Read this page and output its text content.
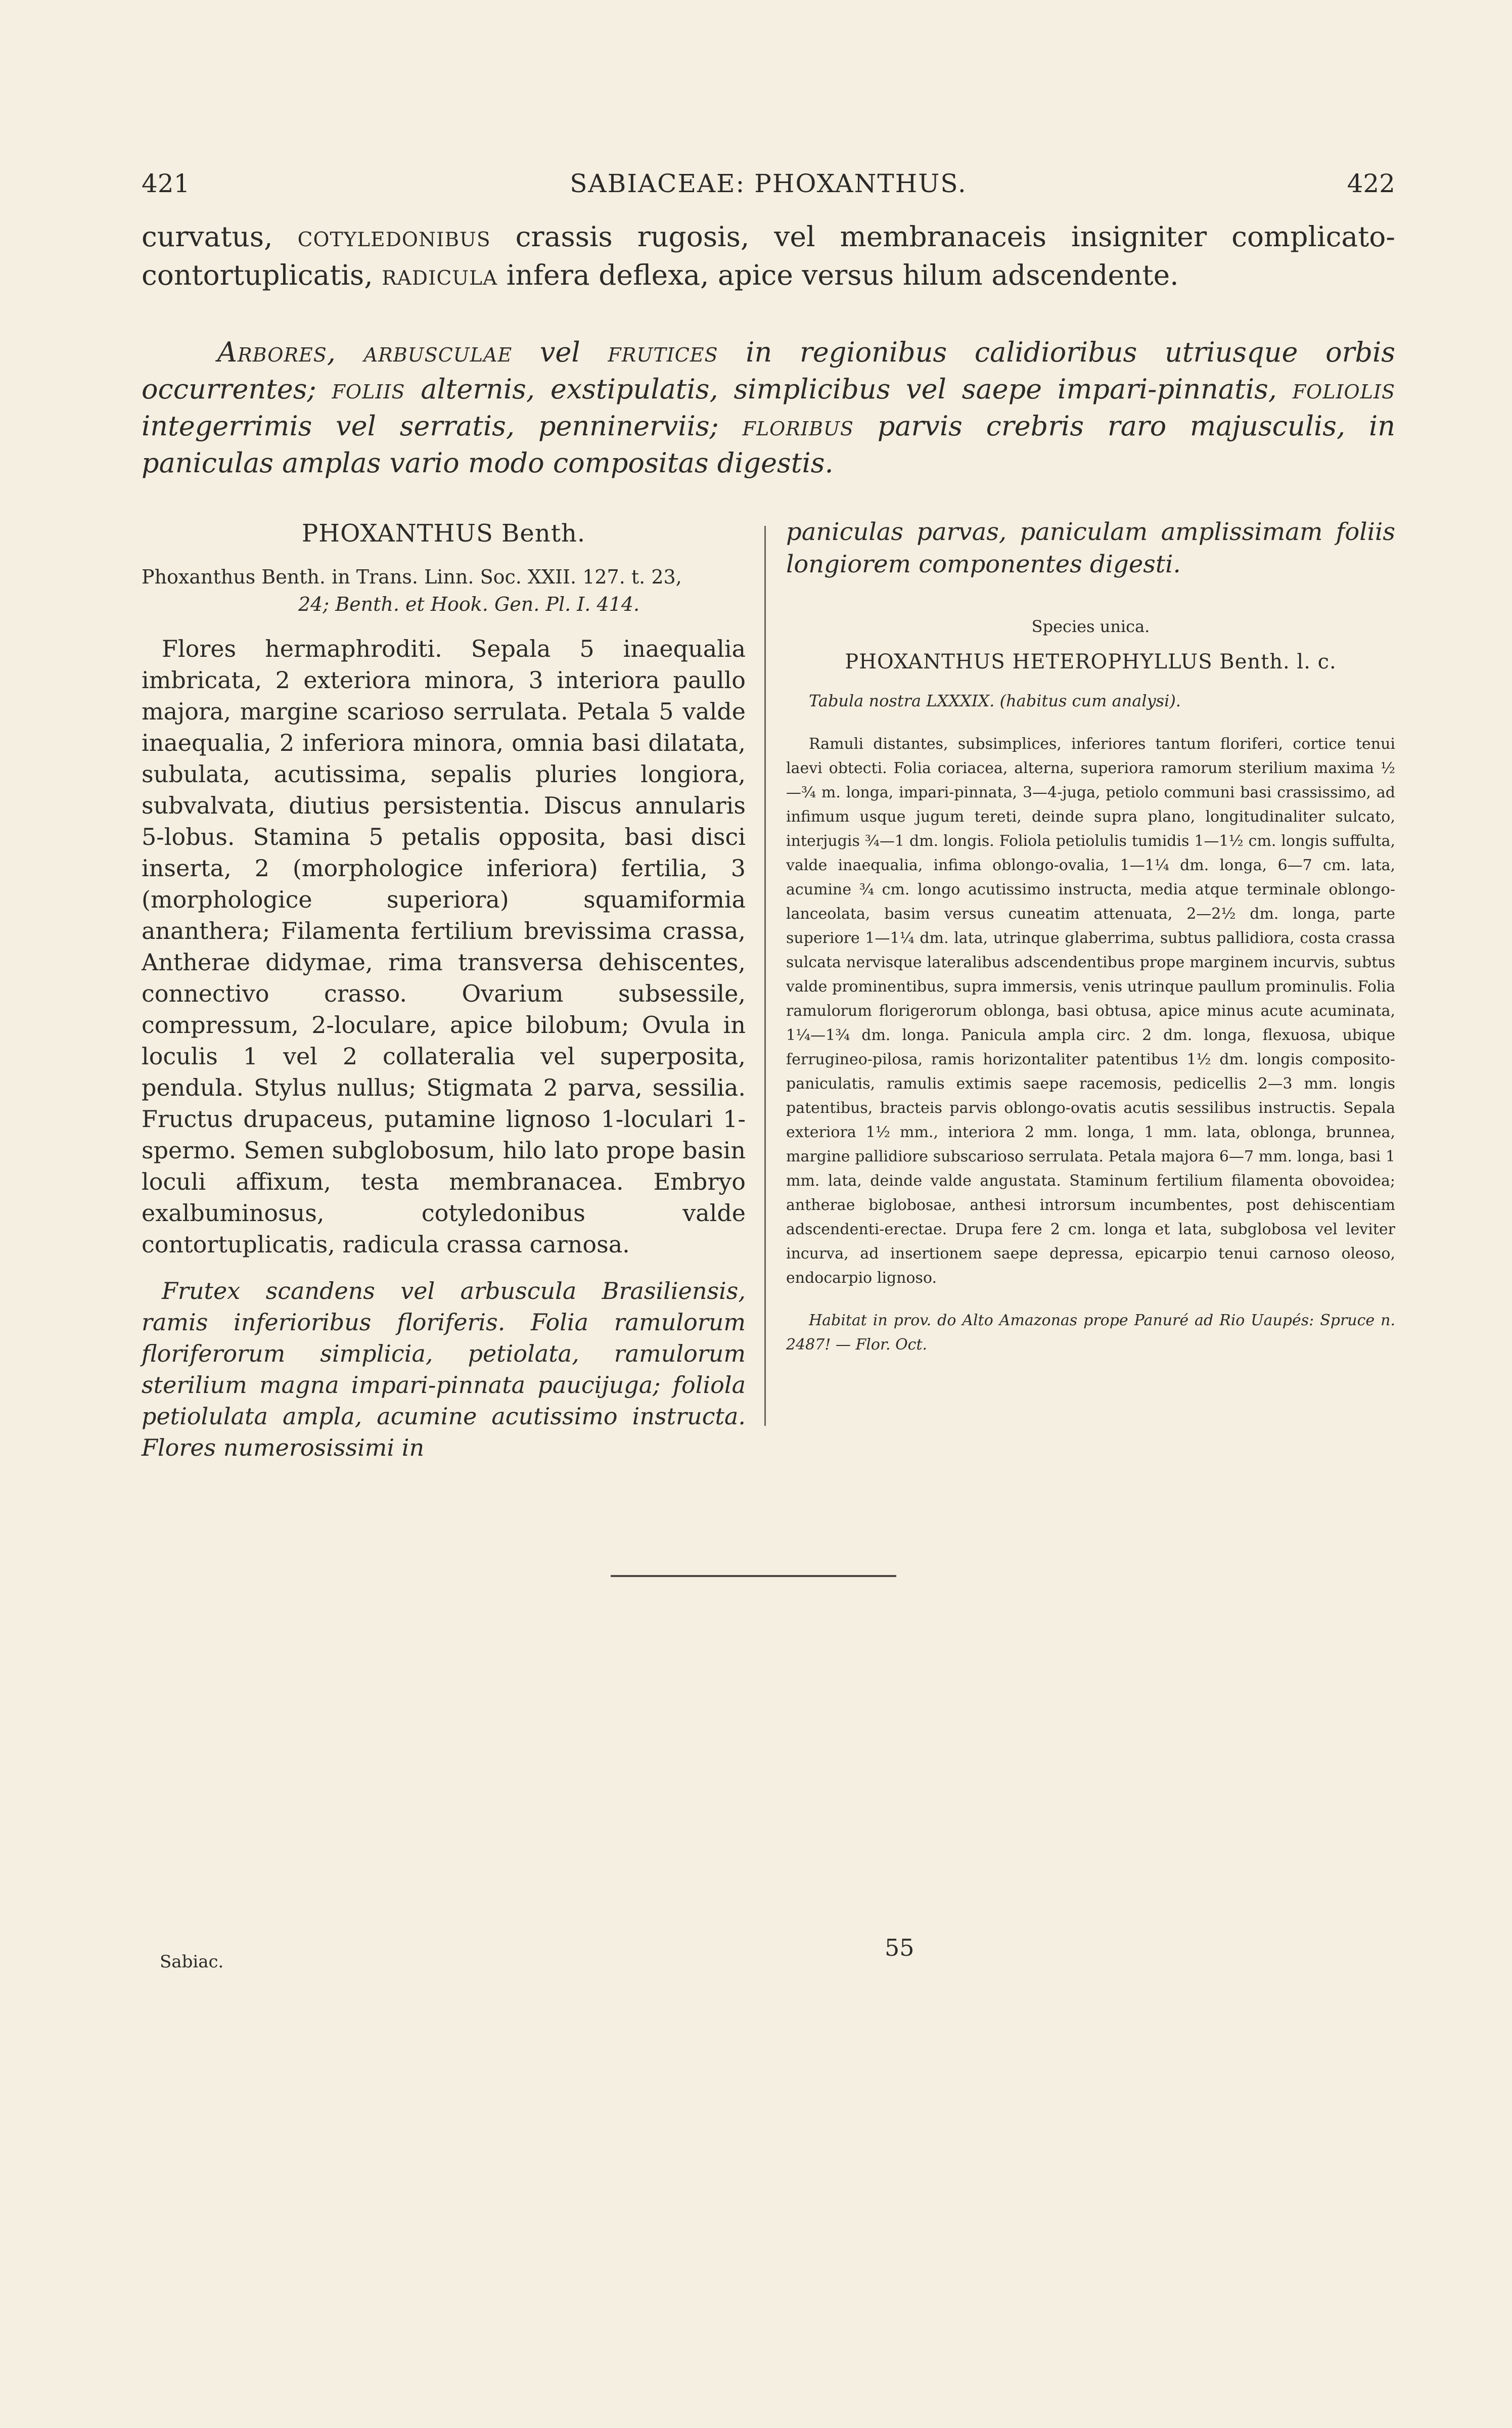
421	SABIACEAE: PHOXANTHUS.	422
curvatus, cotyledonibus crassis rugosis, vel membranaceis insigniter complicato-contortuplicatis, radicula infera deflexa, apice versus hilum adscendente.
Arbores, arbusculae vel frutices in regionibus calidioribus utriusque orbis occurrentes; foliis alternis, exstipulatis, simplicibus vel saepe impari-pinnatis, foliolis integerrimis vel serratis, penninerviis; floribus parvis crebris raro majusculis, in paniculas amplas vario modo compositas digestis.
PHOXANTHUS Benth.
Phoxanthus Benth. in Trans. Linn. Soc. XXII. 127. t. 23,
24; Benth. et Hook. Gen. Pl. I. 414.

Flores hermaphroditi. Sepala 5 inaequalia imbricata, 2 exteriora minora, 3 interiora paullo majora, margine scarioso serrulata. Petala 5 valde inaequalia, 2 inferiora minora, omnia basi dilatata, subulata, acutissima, sepalis pluries longiora, subvalvata, diutius persistentia. Discus annularis 5-lobus. Stamina 5 petalis opposita, basi disci inserta, 2 (morphologice inferiora) fertilia, 3 (morphologice superiora) squamiformia ananthera; Filamenta fertilium brevissima crassa, Antherae didymae, rima transversa dehiscentes, connectivo crasso. Ovarium subsessile, compressum, 2-loculare, apice bilobum; Ovula in loculis 1 vel 2 collateralia vel superposita, pendula. Stylus nullus; Stigmata 2 parva, sessilia. Fructus drupaceus, putamine lignoso 1-loculari 1-spermo. Semen subglobosum, hilo lato prope basin loculi affixum, testa membranacea. Embryo exalbuminosus, cotyledonibus valde contortuplicatis, radicula crassa carnosa.

Frutex scandens vel arbuscula Brasiliensis, ramis inferioribus floriferis. Folia ramulorum floriferorum simplicia, petiolata, ramulorum sterilium magna impari-pinnata paucijuga; foliola petiolulata ampla, acumine acutissimo instructa. Flores numerosissimi in

paniculas parvas, paniculam amplissimam foliis longiorem componentes digesti.

Species unica.
PHOXANTHUS HETEROPHYLLUS Benth. l. c.
Tabula nostra LXXXIX. (habitus cum analysi).

Ramuli distantes, subsimplices, inferiores tantum floriferi, cortice tenui laevi obtecti. Folia coriacea, alterna, superiora ramorum sterilium maxima ½—¾ m. longa, impari-pinnata, 3—4-juga, petiolo communi basi crassissimo, ad infimum usque jugum tereti, deinde supra plano, longitudinaliter sulcato, interjugis ¾—1 dm. longis. Foliola petiolulis tumidis 1—1½ cm. longis suffulta, valde inaequalia, infima oblongo-ovalia, 1—1¼ dm. longa, 6—7 cm. lata, acumine ¾ cm. longo acutissimo instructa, media atque terminale oblongo-lanceolata, basim versus cuneatim attenuata, 2—2½ dm. longa, parte superiore 1—1¼ dm. lata, utrinque glaberrima, subtus pallidiora, costa crassa sulcata nervisque lateralibus adscendentibus prope marginem incurvis, subtus valde prominentibus, supra immersis, venis utrinque paullum prominulis. Folia ramulorum florigerorum oblonga, basi obtusa, apice minus acute acuminata, 1¼—1¾ dm. longa. Panicula ampla circ. 2 dm. longa, flexuosa, ubique ferrugineo-pilosa, ramis horizontaliter patentibus 1½ dm. longis composito-paniculatis, ramulis extimis saepe racemosis, pedicellis 2—3 mm. longis patentibus, bracteis parvis oblongo-ovatis acutis sessilibus instructis. Sepala exteriora 1½ mm., interiora 2 mm. longa, 1 mm. lata, oblonga, brunnea, margine pallidiore subscarioso serrulata. Petala majora 6—7 mm. longa, basi 1 mm. lata, deinde valde angustata. Staminum fertilium filamenta obovoidea; antherae biglobosae, anthesi introrsum incumbentes, post dehiscentiam adscendenti-erectae. Drupa fere 2 cm. longa et lata, subglobosa vel leviter incurva, ad insertionem saepe depressa, epicarpio tenui carnoso oleoso, endocarpio lignoso.

Habitat in prov. do Alto Amazonas prope Panuré ad Rio Uaupés: Spruce n. 2487! — Flor. Oct.

55
Sabiac.
